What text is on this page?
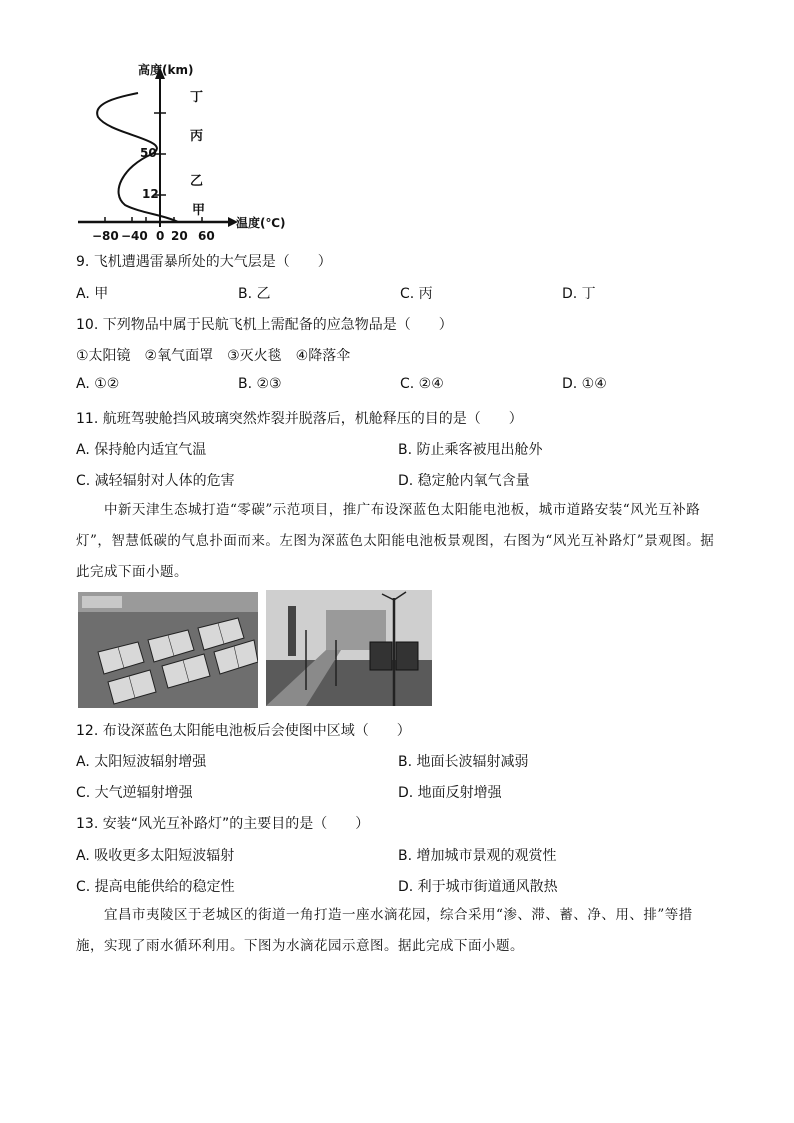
高度(km)
温度(℃)
50
12
−80 −40 0 20 60
丁
丙
乙
甲
9. 飞机遭遇雷暴所处的大气层是（　　）
A. 甲	B. 乙	C. 丙	D. 丁
10. 下列物品中属于民航飞机上需配备的应急物品是（　　）
①太阳镜　②氧气面罩　③灭火毯　④降落伞
A. ①②	B. ②③	C. ②④	D. ①④
11. 航班驾驶舱挡风玻璃突然炸裂并脱落后，机舱释压的目的是（　　）
A. 保持舱内适宜气温	B. 防止乘客被甩出舱外
C. 减轻辐射对人体的危害	D. 稳定舱内氧气含量
中新天津生态城打造“零碳”示范项目，推广布设深蓝色太阳能电池板，城市道路安装“风光互补路灯”，智慧低碳的气息扑面而来。左图为深蓝色太阳能电池板景观图，右图为“风光互补路灯”景观图。据此完成下面小题。
12. 布设深蓝色太阳能电池板后会使图中区域（　　）
A. 太阳短波辐射增强	B. 地面长波辐射减弱
C. 大气逆辐射增强	D. 地面反射增强
13. 安装“风光互补路灯”的主要目的是（　　）
A. 吸收更多太阳短波辐射	B. 增加城市景观的观赏性
C. 提高电能供给的稳定性	D. 利于城市街道通风散热
宜昌市夷陵区于老城区的街道一角打造一座水滴花园，综合采用“渗、滞、蓄、净、用、排”等措施，实现了雨水循环利用。下图为水滴花园示意图。据此完成下面小题。
